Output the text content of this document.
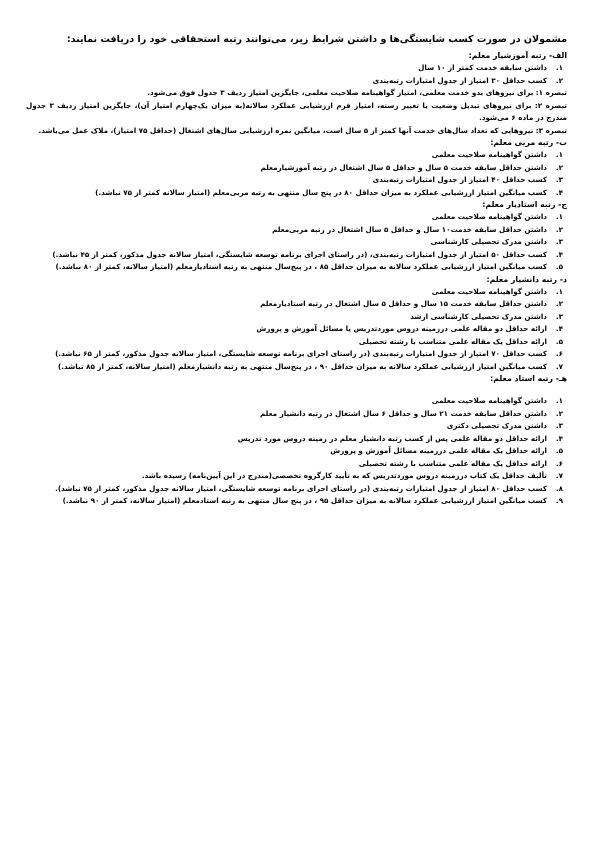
مشمولان در صورت کسب شایستگی‌ها و داشتن شرایط زیر، می‌توانند رتبه استحقاقی خود را دریافت نمایند:

الف- رتبه آموزشیار معلم:

۱.
داشتن سابقه خدمت کمتر از ۱۰ سال
۲.
کسب حداقل ۳۰ امتیاز از جدول امتیازات رتبه‌بندی

تبصره ۱: برای نیروهای بدو خدمت معلمی، امتیاز گواهینامه صلاحیت معلمی، جایگزین امتیاز ردیف ۳ جدول فوق می‌شود.

تبصره ۲: برای نیروهای تبدیل وضعیت یا تغییر رسته، امتیاز فرم ارزشیابی عملکرد سالانه(به میزان یک‌چهارم امتیاز آن)، جایگزین امتیاز ردیف ۳ جدول مندرج در ماده ۶ می‌شود.

تبصره ۳: نیروهایی که تعداد سال‌های خدمت آنها کمتر از ۵ سال است، میانگین نمره ارزشیابی سال‌های اشتغال (حداقل ۷۵ امتیاز)، ملاک عمل می‌باشد.

ب- رتبه مربی معلم:

۱.
داشتن گواهینامه صلاحیت معلمی
۲.
داشتن حداقل سابقه خدمت ۵ سال و حداقل ۵ سال اشتغال در رتبه آموزشیارمعلم
۳.
کسب حداقل ۴۰ امتیاز از جدول امتیازات رتبه‌بندی
۴.
کسب میانگین امتیاز ارزشیابی عملکرد به میزان حداقل ۸۰ در پنج سال منتهی به رتبه مربی‌معلم (امتیاز سالانه کمتر از ۷۵ نباشد.)

ج- رتبه استادیار معلم:

۱.
داشتن گواهینامه صلاحیت معلمی
۲.
داشتن حداقل سابقه خدمت۱۰ سال و حداقل ۵ سال اشتغال در رتبه مربی‌معلم
۳.
داشتن مدرک تحصیلی کارشناسی
۴.
کسب حداقل ۵۰ امتیاز از جدول امتیازات رتبه‌بندی، (در راستای اجرای برنامه توسعه شایستگی، امتیاز سالانه جدول مذکور، کمتر از ۴۵ نباشد.)
۵.
کسب میانگین امتیاز ارزشیابی عملکرد سالانه به میزان حداقل ۸۵ ، در پنج‌سال منتهی به رتبه استادیارمعلم (امتیاز سالانه، کمتر از ۸۰ نباشد.)

د- رتبه دانشیار معلم:

۱.
داشتن گواهینامه صلاحیت معلمی
۲.
داشتن حداقل سابقه خدمت ۱۵ سال و حداقل ۵ سال اشتغال در رتبه استادیارمعلم
۳.
داشتن مدرک تحصیلی کارشناسی ارشد
۴.
ارائه حداقل دو مقاله علمی درزمینه دروس موردتدریس یا مسائل آموزش و پرورش
۵.
ارائه حداقل یک مقاله علمی متناسب با رشته تحصیلی
۶.
کسب حداقل ۷۰ امتیاز از جدول امتیازات رتبه‌بندی (در راستای اجرای برنامه توسعه شایستگی، امتیاز سالانه جدول مذکور، کمتر از ۶۵ نباشد.)
۷.
کسب میانگین امتیاز ارزشیابی عملکرد سالانه به میزان حداقل ۹۰ ، در پنج‌سال منتهی به رتبه دانشیارمعلم (امتیاز سالانه، کمتر از ۸۵ نباشد.)

هـ- رتبه استاد معلم:

۱.
داشتن گواهینامه صلاحیت معلمی
۲.
داشتن حداقل سابقه خدمت ۲۱ سال و حداقل ۶ سال اشتغال در رتبه دانشیار معلم
۳.
داشتن مدرک تحصیلی دکتری
۴.
ارائه حداقل دو مقاله علمی پس از کسب رتبه دانشیار معلم در زمینه دروس مورد تدریس
۵.
ارائه حداقل یک مقاله علمی درزمینه مسائل آموزش و پرورش
۶.
ارائه حداقل یک مقاله علمی متناسب با رشته تحصیلی
۷.
تألیف حداقل یک کتاب درزمینه دروس موردتدریس که به تأیید کارگروه تخصصی(مندرج در این آیین‌نامه) رسیده باشد.
۸.
کسب حداقل ۸۰ امتیاز از جدول امتیازات رتبه‌بندی (در راستای اجرای برنامه توسعه شایستگی، امتیاز سالانه جدول مذکور، کمتر از ۷۵ نباشد).
۹.
کسب میانگین امتیاز ارزشیابی عملکرد سالانه به میزان حداقل ۹۵ ، در پنج سال منتهی به رتبه استادمعلم (امتیاز سالانه، کمتر از ۹۰ نباشد.)
